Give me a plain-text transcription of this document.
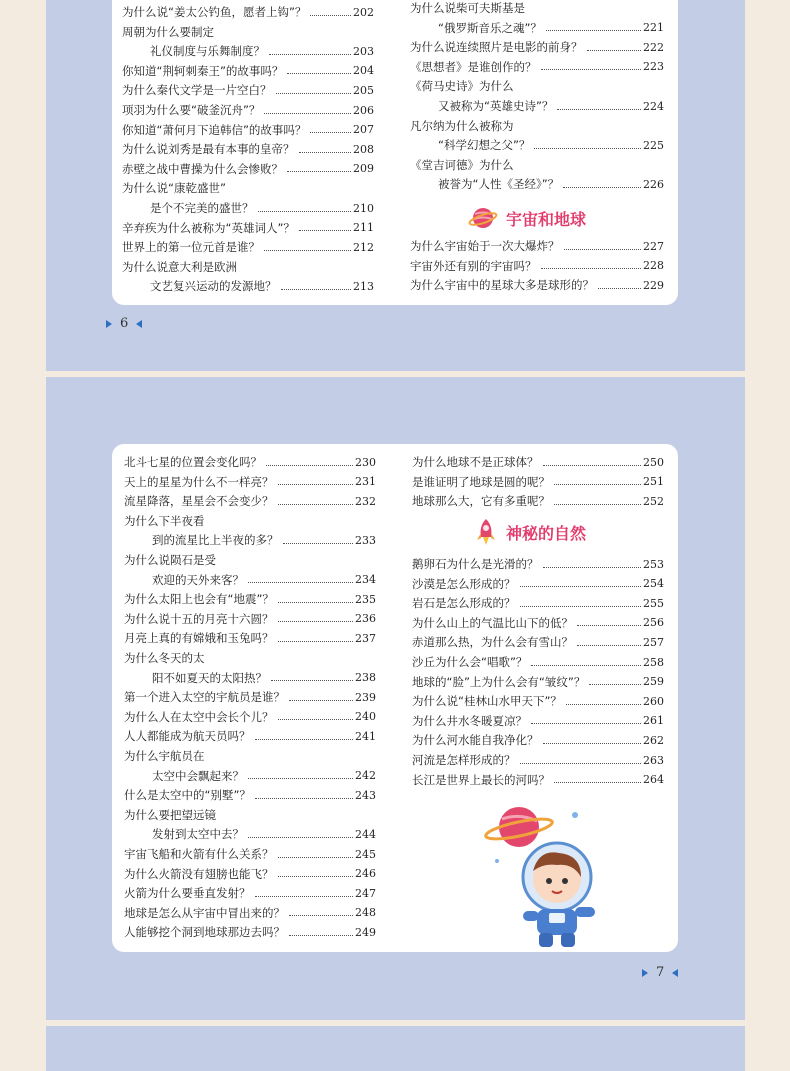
为什么说“姜太公钓鱼，愿者上钩”？	202
周朝为什么要制定
礼仪制度与乐舞制度？	203
你知道“荆轲刺秦王”的故事吗？	204
为什么秦代文学是一片空白？	205
项羽为什么要“破釜沉舟”？	206
你知道“萧何月下追韩信”的故事吗？	207
为什么说刘秀是最有本事的皇帝？	208
赤壁之战中曹操为什么会惨败？	209
为什么说“康乾盛世”
是个不完美的盛世？	210
辛弃疾为什么被称为“英雄词人”？	211
世界上的第一位元首是谁？	212
为什么说意大利是欧洲
文艺复兴运动的发源地？	213
为什么说柴可夫斯基是
“俄罗斯音乐之魂”？	221
为什么说连续照片是电影的前身？	222
《思想者》是谁创作的？	223
《荷马史诗》为什么
又被称为“英雄史诗”？	224
凡尔纳为什么被称为
“科学幻想之父”？	225
《堂吉诃德》为什么
被誉为“人性《圣经》”？	226
宇宙和地球
为什么宇宙始于一次大爆炸？	227
宇宙外还有别的宇宙吗？	228
为什么宇宙中的星球大多是球形的？	229
6
北斗七星的位置会变化吗？	230
天上的星星为什么不一样亮？	231
流星降落，星星会不会变少？	232
为什么下半夜看
到的流星比上半夜的多？	233
为什么说陨石是受
欢迎的天外来客？	234
为什么太阳上也会有“地震”？	235
为什么说十五的月亮十六圆？	236
月亮上真的有嫦娥和玉兔吗？	237
为什么冬天的太
阳不如夏天的太阳热？	238
第一个进入太空的宇航员是谁？	239
为什么人在太空中会长个儿？	240
人人都能成为航天员吗？	241
为什么宇航员在
太空中会飘起来？	242
什么是太空中的“别墅”？	243
为什么要把望远镜
发射到太空中去？	244
宇宙飞船和火箭有什么关系？	245
为什么火箭没有翅膀也能飞？	246
火箭为什么要垂直发射？	247
地球是怎么从宇宙中冒出来的？	248
人能够挖个洞到地球那边去吗？	249
为什么地球不是正球体？	250
是谁证明了地球是圆的呢？	251
地球那么大，它有多重呢？	252
神秘的自然
鹅卵石为什么是光滑的？	253
沙漠是怎么形成的？	254
岩石是怎么形成的？	255
为什么山上的气温比山下的低？	256
赤道那么热，为什么会有雪山？	257
沙丘为什么会“唱歌”？	258
地球的“脸”上为什么会有“皱纹”？	259
为什么说“桂林山水甲天下”？	260
为什么井水冬暖夏凉？	261
为什么河水能自我净化？	262
河流是怎样形成的？	263
长江是世界上最长的河吗？	264
7
